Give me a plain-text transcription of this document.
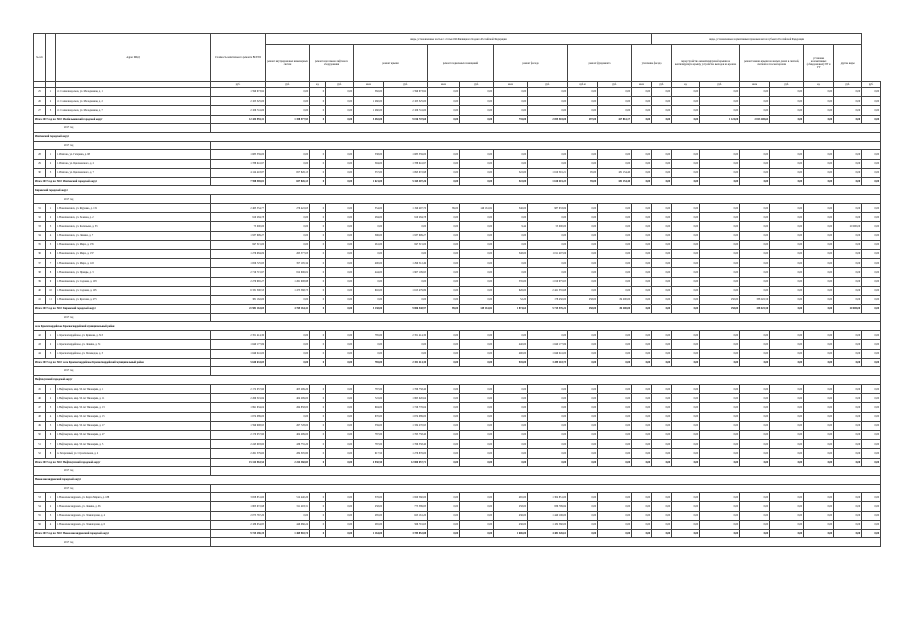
№ п/п		Адрес МКД	Стоимость капитального ремонта ВСЕГО	виды, установленные частью 1 статьи 166 Жилищного Кодекса Российской Федерации												виды, установленные нормативным правовым актом субъекта Российской Федерации							
				ремонт внутридомовых инженерных систем	ремонт или замена лифтового оборудования		ремонт крыши		ремонт подвальных помещений		ремонт фасада		ремонт фундамента		утепление фасада		переустройство невентилируемой крыши на вентилируемую крышу, устройство выходов на кровлю		ремонт/замена крыши на жилых домах в скатной, скатной и плоской кровли		установка коллективных (общедомовых) ПУ и УУ	другие виды	
			руб.	руб.	ед.	руб.	кв.м	руб.	кв.м	руб.	кв.м	руб.	куб.м	руб.	кв.м	руб.	ед.	руб.	кв.м	руб.	ед.	руб.	руб.
25	1	ст. Солнечнодольск, ул. Молодежная, д. 1	1 599 673,92	0,00	0	0,00	582,00	1 599 673,92	0,00	0,00	0,00	0,00	0,00	0,00	0,00	0,00	0,00	0,00	0,00	0,00	0,00	0,00	0,00
26	2	ст. Солнечнодольск, ул. Молодежная, д. 2	2 105 325,00	0,00	0	0,00	1 260,00	2 105 325,00	0,00	0,00	0,00	0,00	0,00	0,00	0,00	0,00	0,00	0,00	0,00	0,00	0,00	0,00	0,00
27	3	ст. Солнечнодольск, ул. Молодежная, д. 7	2 106 741,00	0,00	0	0,00	1 260,00	2 106 741,00	0,00	0,00	0,00	0,00	0,00	0,00	0,00	0,00	0,00	0,00	0,00	0,00	0,00	0,00	0,00
Итого 2017 год по: МО: Изобильненский городской округ			12 434 955,31	1 358 577,93	0	0,00	3 482,00	9 016 747,60	0,00	0,00	735,00	2 055 503,00	297,00	427 861,17	0,00	0,00	0,00	1 124,00	2 813 400,64	0,00	0,00	0,00	0,00
2017 год																							
Ипатовский городской округ																							
2017 год																							
28	1	г. Ипатово, ул. Гагарина, д. 68	1 685 359,00	0,00	0	0,00	538,00	1 685 359,00	0,00	0,00	0,00	0,00	0,00	0,00	0,00	0,00	0,00	0,00	0,00	0,00	0,00	0,00	0,00
29	2	г. Ипатово, ул. Циолковского, д. 2	1 788 941,97	0,00	0	0,00	594,00	1 788 941,97	0,00	0,00	0,00	0,00	0,00	0,00	0,00	0,00	0,00	0,00	0,00	0,00	0,00	0,00	0,00
30	3	г. Ипатово, ул. Циолковского, д. 7	4 124 418,87	657 826,13	0	0,00	557,00	1 693 672,98	0,00	0,00	522,00	1 610 391,21	95,00	181 154,40	0,00	0,00	0,00	0,00	0,00	0,00	0,00	0,00	0,00
Итого 2017 год по: МО: Ипатовский городской округ			7 598 569,81	657 826,13	0	0,00	1 621,00	5 165 407,26	0,00	0,00	522,00	1 610 401,23	95,00	181 154,40	0,00	0,00	0,00	0,00	0,00	0,00	0,00	0,00	0,00
Кировский городской округ																							
2017 год																							
31	1	г. Новопавловск, ул. Журавко, д. 131	2 463 554,77	276 422,63	0	0,00	354,00	1 199 497,70	89,00	149 161,82	346,00	987 633,69	0,00	0,00	0,00	0,00	0,00	0,00	0,00	0,00	0,00	0,00	0,00
32	2	г. Новопавловск, ул. Зеленая, д. 2	910 284,78	0,00	0	0,00	284,00	910 284,78	0,00	0,00	0,00	0,00	0,00	0,00	0,00	0,00	0,00	0,00	0,00	0,00	0,00	0,00	0,00
33	3	г. Новопавловск, ул. Калачьева, д. 33	75 000,00	0,00	0	0,00	0,00	0,00	0,00	0,00	9,44	55 000,00	0,00	0,00	0,00	0,00	0,00	0,00	0,00	0,00	0,00	20 000,00	0,00
34	4	г. Новопавловск, ул. Ленина, д. 7	1 937 699,27	0,00	0	0,00	396,00	1 937 699,27	0,00	0,00	0,00	0,00	0,00	0,00	0,00	0,00	0,00	0,00	0,00	0,00	0,00	0,00	0,00
35	5	г. Новопавловск, ул. Мира, д. 135	847 315,00	0,00	0	0,00	261,00	847 315,00	0,00	0,00	0,00	0,00	0,00	0,00	0,00	0,00	0,00	0,00	0,00	0,00	0,00	0,00	0,00
36	6	г. Новопавловск, ул. Мира, д. 137	1 276 984,09	265 577,03	0	0,00	0,00	0,00	0,00	0,00	348,00	1 011 407,06	0,00	0,00	0,00	0,00	0,00	0,00	0,00	0,00	0,00	0,00	0,00
37	7	г. Новопавловск, ул. Мира, д. 143	1 656 725,83	357 195,34	0	0,00	400,00	1 299 512,49	0,00	0,00	0,00	0,00	0,00	0,00	0,00	0,00	0,00	0,00	0,00	0,00	0,00	0,00	0,00
38	8	г. Новопавловск, ул. Правды, д. 3	2 719 715,97	812 606,02	0	0,00	444,00	1 907 109,95	0,00	0,00	0,00	0,00	0,00	0,00	0,00	0,00	0,00	0,00	0,00	0,00	0,00	0,00	0,00
39	9	г. Новопавловск, ул. Садовая, д. 103	2 279 665,27	1 261 908,88	0	0,00	0,00	0,00	0,00	0,00	535,00	1 010 975,65	0,00	0,00	0,00	0,00	0,00	0,00	0,00	0,00	0,00	0,00	0,00
40	10	г. Новопавловск, ул. Садовая, д. 105	6 331 300,53	1 475 568,73	0	0,00	602,00	1 615 479,89	0,00	0,00	626,00	2 421 355,68	0,00	0,00	0,00	0,00	0,00	0,00	0,00	0,00	0,00	0,00	0,00
41	11	г. Новопавловск, ул. Красная, д. 275	381 162,00	0,00	0	0,00	0,00	0,00	0,00	0,00	52,20	178 450,00	258,00	84 200,00	0,00	0,00	0,00	250,00	338 022,50	0,00	0,00	0,00	0,00
Итого 2017 год по: МО: Кировский городской округ			21 981 163,69	4 769 164,41	0	0,00	3 138,00	9 806 548,97	89,00	149 161,82	1 874,64	5 715 576,22	258,00	84 200,00	0,00	0,00	0,00	250,00	338 022,50	0,00	0,00	20 000,00	0,00
2017 год																							
село Краснгвардейское Красногвардейский муниципальный район																							
42	1	с. Красногвардейское, ул. Кривова, д. 313	2 351 414,30	0,00	0	0,00	785,00	2 351 414,30	0,00	0,00	0,00	0,00	0,00	0,00	0,00	0,00	0,00	0,00	0,00	0,00	0,00	0,00	0,00
43	2	с. Красногвардейское, ул. Ленина, д. 51	1 640 177,69	0,00	0	0,00	0,00	0,00	0,00	0,00	440,00	1 640 177,69	0,00	0,00	0,00	0,00	0,00	0,00	0,00	0,00	0,00	0,00	0,00
44	3	с. Красногвардейское, ул. Полеводов, д. 3	1 649 041,00	0,00	0	0,00	0,00	0,00	0,00	0,00	490,00	1 649 041,00	0,00	0,00	0,00	0,00	0,00	0,00	0,00	0,00	0,00	0,00	0,00
Итого 2017 год по: МО: село Красногвардейское Красногвардейский муниципальный район			5 640 633,05	0,00	0	0,00	785,00	2 351 414,30	0,00	0,00	945,00	3 289 218,75	0,00	0,00	0,00	0,00	0,00	0,00	0,00	0,00	0,00	0,00	0,00
2017 год																							
Нефтекумский городской округ																							
45	1	г. Нефтекумск, мкр. 50 лет Пионерии, д. 1	2 172 057,90	405 299,20	0	0,00	787,00	1 766 758,40	0,00	0,00	0,00	0,00	0,00	0,00	0,00	0,00	0,00	0,00	0,00	0,00	0,00	0,00	0,00
46	2	г. Нефтекумск, мкр. 50 лет Пионерии, д. 11	2 269 319,84	404 299,00	0	0,00	722,00	1 865 020,64	0,00	0,00	0,00	0,00	0,00	0,00	0,00	0,00	0,00	0,00	0,00	0,00	0,00	0,00	0,00
47	3	г. Нефтекумск, мкр. 50 лет Пионерии, д. 13	1 991 634,04	264 858,00	0	0,00	694,00	1 726 776,04	0,00	0,00	0,00	0,00	0,00	0,00	0,00	0,00	0,00	0,00	0,00	0,00	0,00	0,00	0,00
48	4	г. Нефтекумск, мкр. 50 лет Пионерии, д. 15	1 674 089,00	0,00	0	0,00	670,00	1 674 089,00	0,00	0,00	0,00	0,00	0,00	0,00	0,00	0,00	0,00	0,00	0,00	0,00	0,00	0,00	0,00
49	5	г. Нефтекумск, мкр. 50 лет Пионерии, д. 17	1 599 998,95	267 728,00	0	0,00	559,00	1 334 270,95	0,00	0,00	0,00	0,00	0,00	0,00	0,00	0,00	0,00	0,00	0,00	0,00	0,00	0,00	0,00
50	6	г. Нефтекумск, мкр. 50 лет Пионерии, д. 27	2 170 057,90	404 299,00	0	0,00	787,00	1 765 758,40	0,00	0,00	0,00	0,00	0,00	0,00	0,00	0,00	0,00	0,00	0,00	0,00	0,00	0,00	0,00
51	7	г. Нефтекумск, мкр. 50 лет Пионерии, д. 5	2 243 993,60	436 755,20	0	0,00	787,00	1 766 358,40	0,00	0,00	0,00	0,00	0,00	0,00	0,00	0,00	0,00	0,00	0,00	0,00	0,00	0,00	0,00
52	8	п. Затеречный, ул. Строительная, д. 2	2 261 379,60	284 305,80	0	0,00	917,50	1 276 876,00	0,00	0,00	0,00	0,00	0,00	0,00	0,00	0,00	0,00	0,00	0,00	0,00	0,00	0,00	0,00
Итого 2017 год по: МО: Нефтекумский городской округ			15 124 963,54	2 224 360,83	0	0,00	4 930,50	12 800 057,71	0,00	0,00	0,00	0,00	0,00	0,00	0,00	0,00	0,00	0,00	0,00	0,00	0,00	0,00	0,00
2017 год																							
Новоалександровский городской округ																							
2017 год																							
53	1	г. Новоалександровск, ул. Карла Маркса, д. 188	3 658 851,60	512 440,20	0	0,00	376,00	1 820 560,00	0,00	0,00	465,00	1 304 851,00	0,00	0,00	0,00	0,00	0,00	0,00	0,00	0,00	0,00	0,00	0,00
54	2	г. Новоалександровск, ул. Ленина, д. 65	1 803 972,98	311 493,31	0	0,00	258,00	775 389,83	0,00	0,00	258,00	836 799,84	0,00	0,00	0,00	0,00	0,00	0,00	0,00	0,00	0,00	0,00	0,00
55	3	г. Новоалександровск, ул. Элеваторная, д. 4	2 075 767,20	0,00	0	0,00	285,00	625 161,20	0,00	0,00	436,00	1 440 106,00	0,00	0,00	0,00	0,00	0,00	0,00	0,00	0,00	0,00	0,00	0,00
56	4	г. Новоалександровск, ул. Элеваторная, д. 6	2 186 654,85	446 066,24	0	0,00	265,00	566 791,63	0,00	0,00	436,00	1 182 560,00	0,00	0,00	0,00	0,00	0,00	0,00	0,00	0,00	0,00	0,00	0,00
Итого 2017 год по: МО: Новоалександровский городской округ			9 725 296,19	1 469 902,74	0	0,00	1 164,00	3 785 852,88	0,00	0,00	1 606,00	4 481 326,61	0,00	0,00	0,00	0,00	0,00	0,00	0,00	0,00	0,00	0,00	0,00
2017 год																							
